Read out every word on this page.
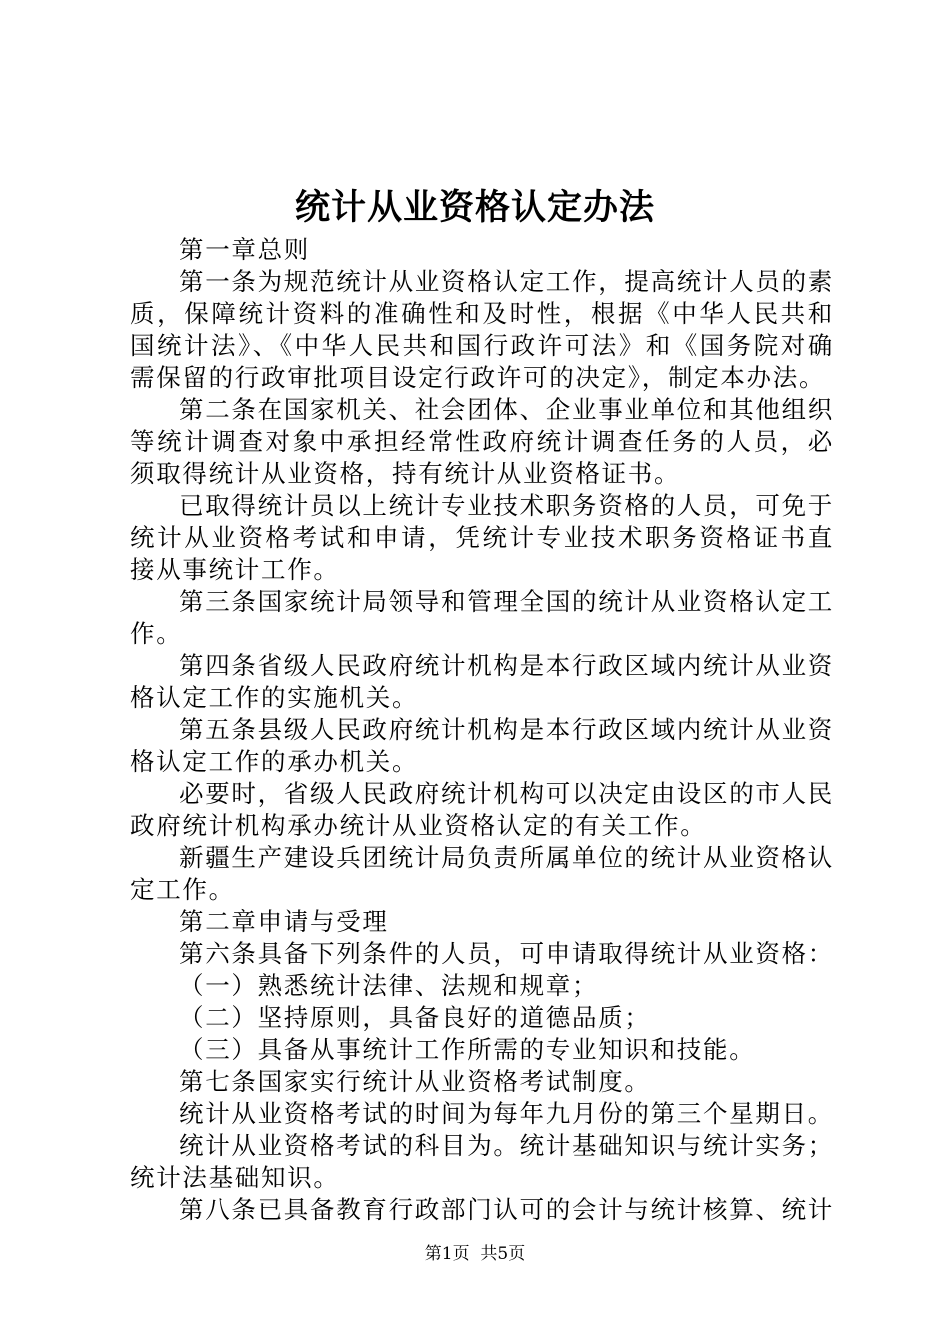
统计从业资格认定办法

第一章总则

第一条为规范统计从业资格认定工作，提高统计人员的素质，保障统计资料的准确性和及时性，根据《中华人民共和国统计法》、《中华人民共和国行政许可法》和《国务院对确需保留的行政审批项目设定行政许可的决定》，制定本办法。

第二条在国家机关、社会团体、企业事业单位和其他组织等统计调查对象中承担经常性政府统计调查任务的人员，必须取得统计从业资格，持有统计从业资格证书。

已取得统计员以上统计专业技术职务资格的人员，可免于统计从业资格考试和申请，凭统计专业技术职务资格证书直接从事统计工作。

第三条国家统计局领导和管理全国的统计从业资格认定工作。

第四条省级人民政府统计机构是本行政区域内统计从业资格认定工作的实施机关。

第五条县级人民政府统计机构是本行政区域内统计从业资格认定工作的承办机关。

必要时，省级人民政府统计机构可以决定由设区的市人民政府统计机构承办统计从业资格认定的有关工作。

新疆生产建设兵团统计局负责所属单位的统计从业资格认定工作。

第二章申请与受理

第六条具备下列条件的人员，可申请取得统计从业资格：

（一）熟悉统计法律、法规和规章；

（二）坚持原则，具备良好的道德品质；

（三）具备从事统计工作所需的专业知识和技能。

第七条国家实行统计从业资格考试制度。

统计从业资格考试的时间为每年九月份的第三个星期日。

统计从业资格考试的科目为。统计基础知识与统计实务；统计法基础知识。

第八条已具备教育行政部门认可的会计与统计核算、统计

第1页 共5页
